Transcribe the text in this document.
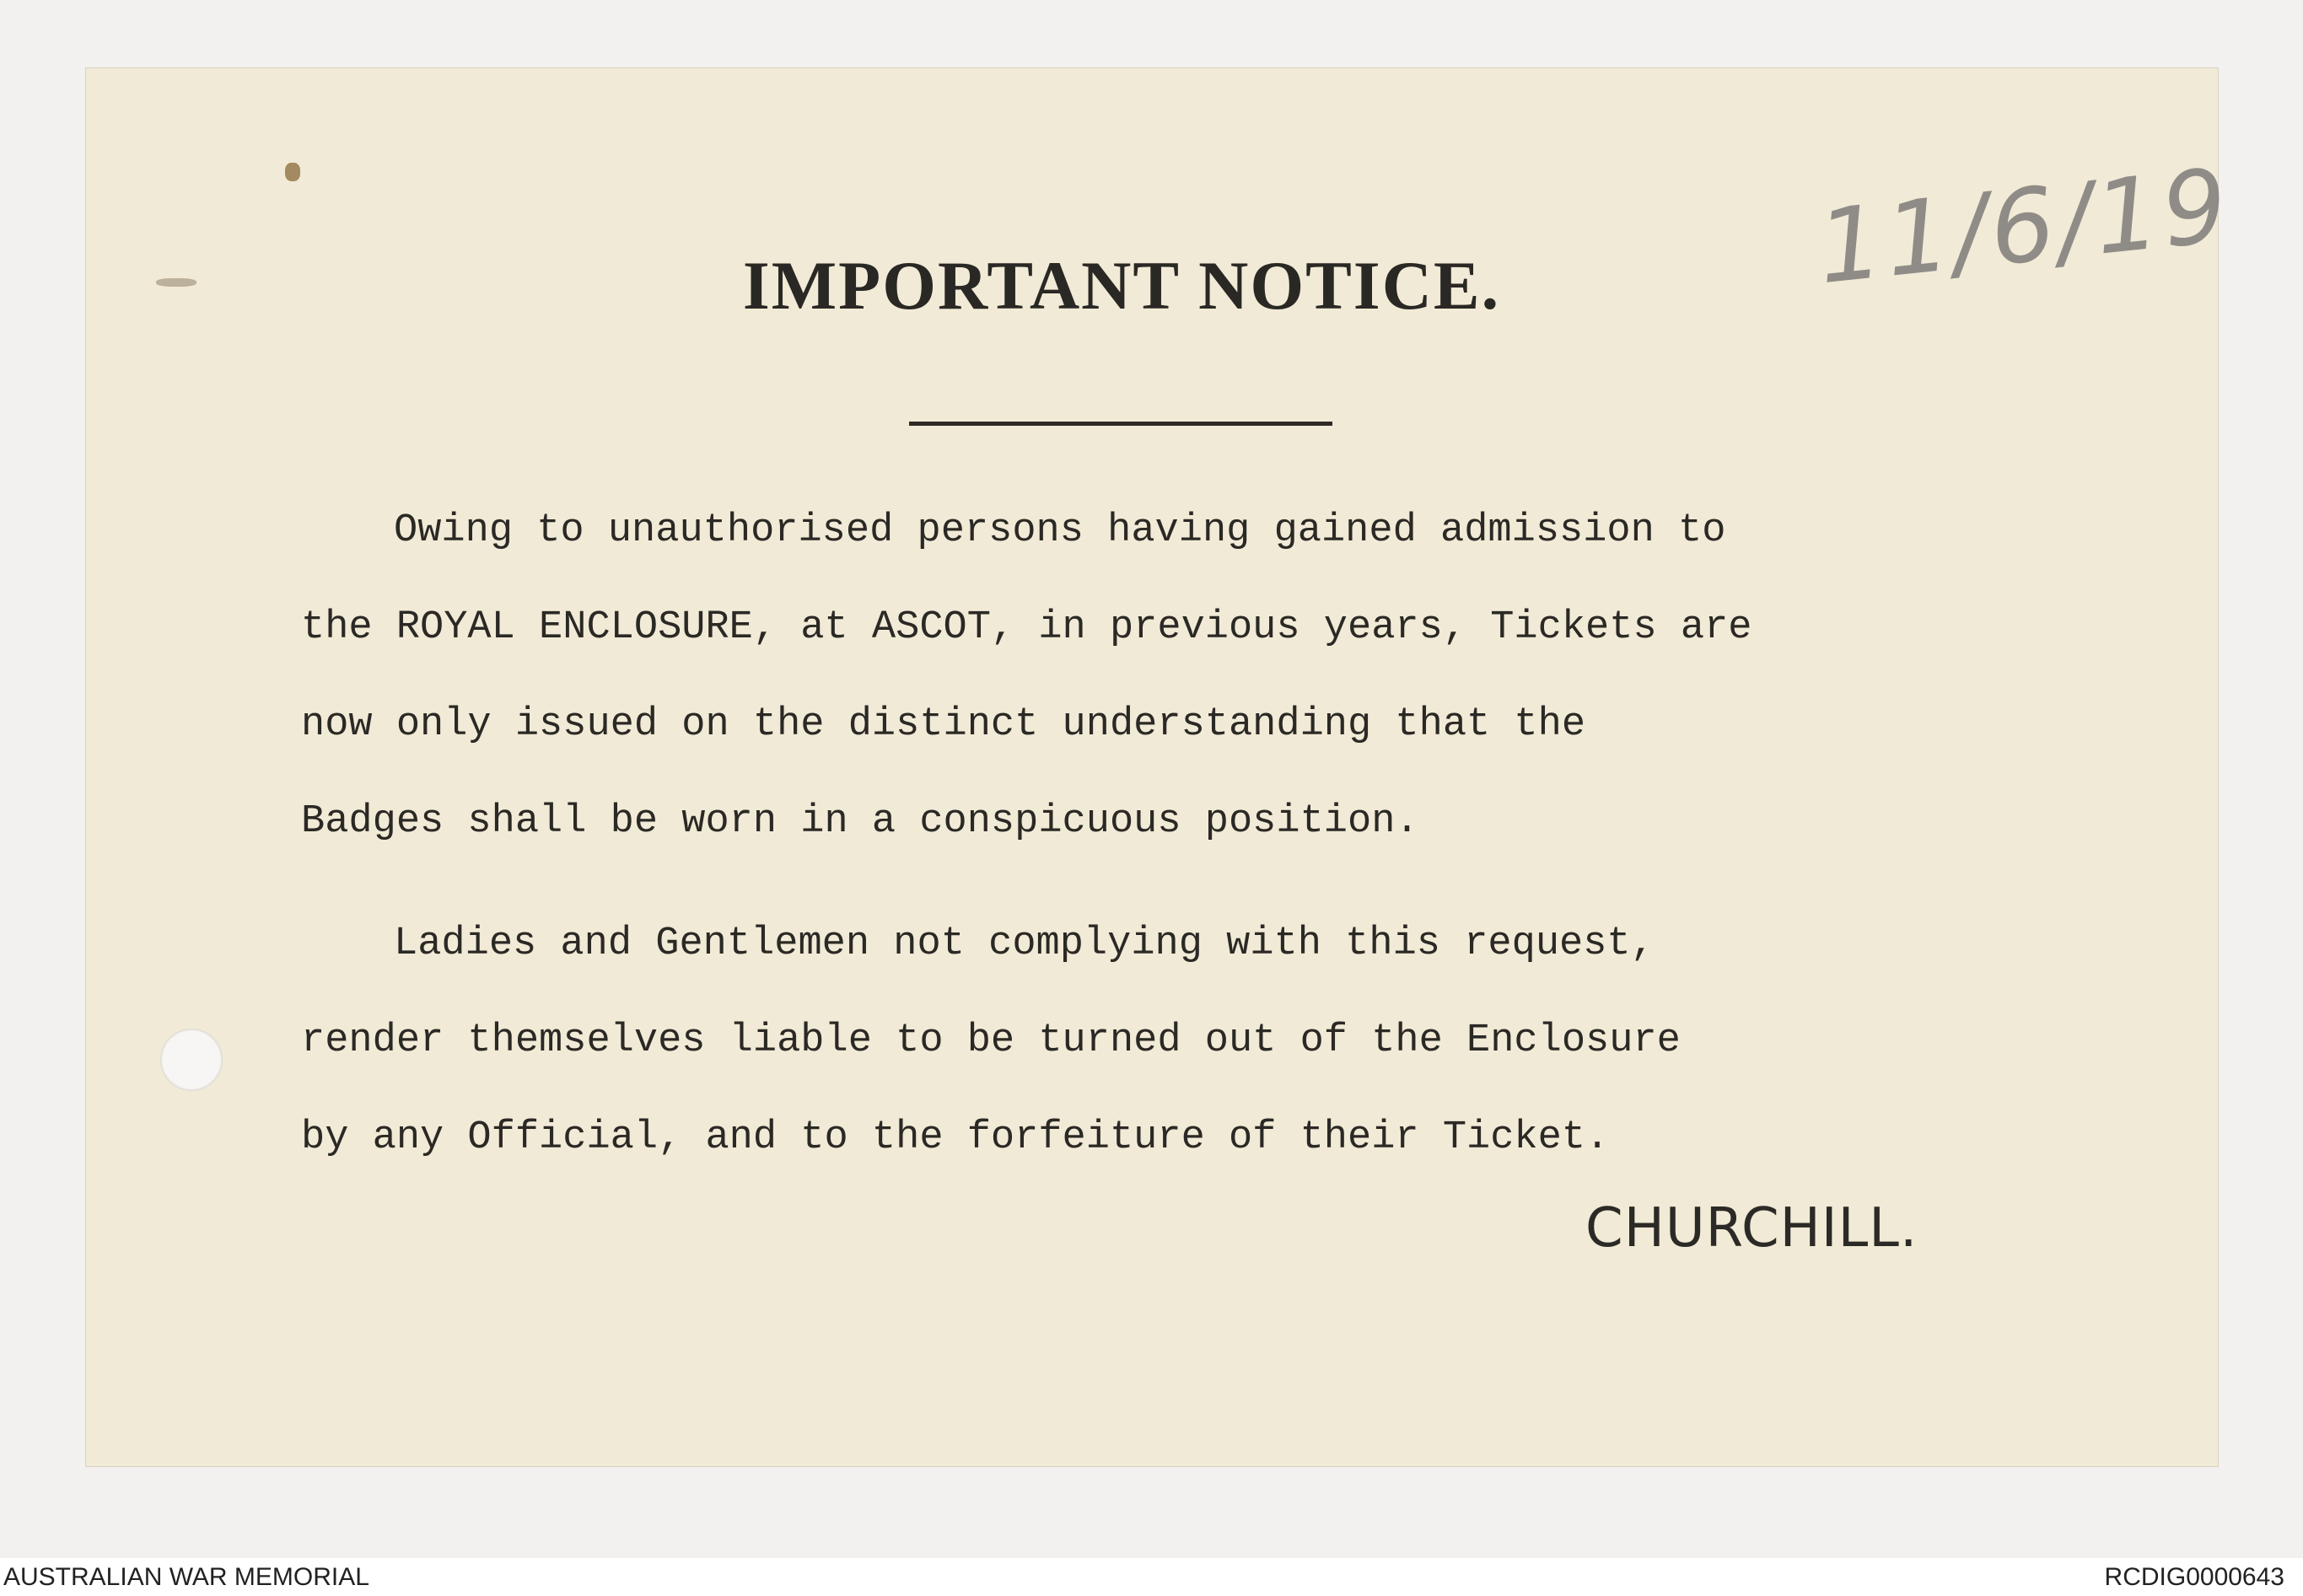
IMPORTANT NOTICE.	11/6/19
Owing to unauthorised persons having gained admission to
the ROYAL ENCLOSURE, at ASCOT, in previous years, Tickets are
now only issued on the distinct understanding that the
Badges shall be worn in a conspicuous position.
Ladies and Gentlemen not complying with this request,
render themselves liable to be turned out of the Enclosure
by any Official, and to the forfeiture of their Ticket.
CHURCHILL.
AUSTRALIAN WAR MEMORIAL	RCDIG0000643
